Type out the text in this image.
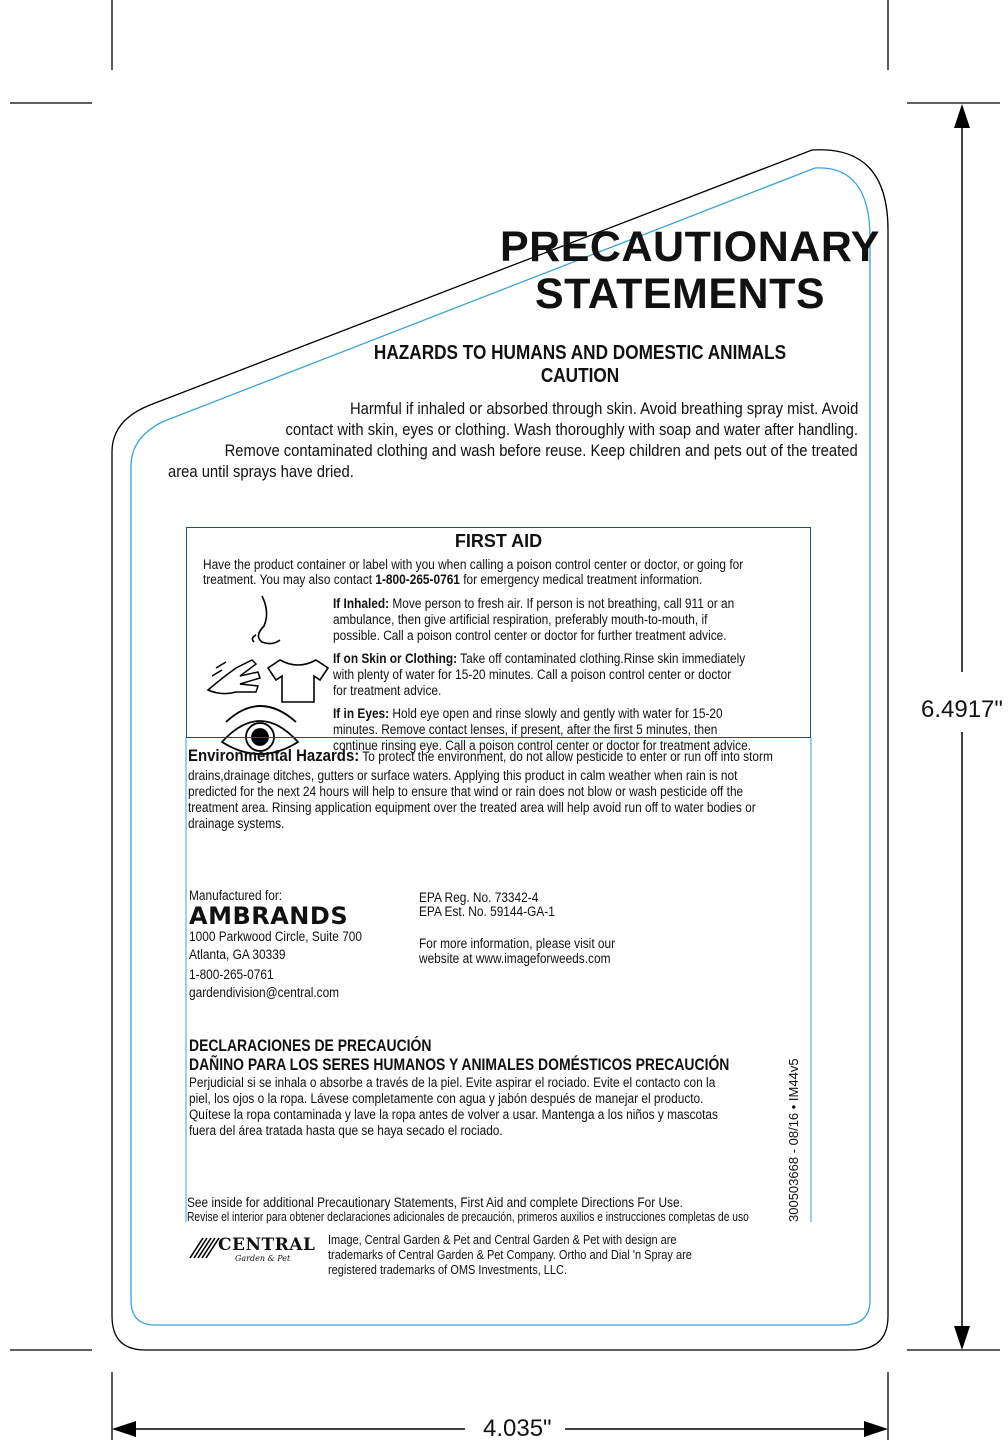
PRECAUTIONARY
STATEMENTS
HAZARDS TO HUMANS AND DOMESTIC ANIMALS
CAUTION
Harmful if inhaled or absorbed through skin. Avoid breathing spray mist. Avoid
contact with skin, eyes or clothing. Wash thoroughly with soap and water after handling.
Remove contaminated clothing and wash before reuse. Keep children and pets out of the treated
area until sprays have dried.
FIRST AID
Have the product container or label with you when calling a poison control center or doctor, or going for
treatment. You may also contact 1-800-265-0761 for emergency medical treatment information.
If Inhaled: Move person to fresh air. If person is not breathing, call 911 or an
ambulance, then give artificial respiration, preferably mouth-to-mouth, if
possible. Call a poison control center or doctor for further treatment advice.
If on Skin or Clothing: Take off contaminated clothing.Rinse skin immediately
with plenty of water for 15-20 minutes. Call a poison control center or doctor
for treatment advice.
If in Eyes: Hold eye open and rinse slowly and gently with water for 15-20
minutes. Remove contact lenses, if present, after the first 5 minutes, then
continue rinsing eye. Call a poison control center or doctor for treatment advice.
Environmental Hazards: To protect the environment, do not allow pesticide to enter or run off into storm
drains,drainage ditches, gutters or surface waters. Applying this product in calm weather when rain is not
predicted for the next 24 hours will help to ensure that wind or rain does not blow or wash pesticide off the
treatment area. Rinsing application equipment over the treated area will help avoid run off to water bodies or
drainage systems.
Manufactured for:
AMBRANDS
1000 Parkwood Circle, Suite 700
Atlanta, GA 30339
1-800-265-0761
gardendivision@central.com
EPA Reg. No. 73342-4
EPA Est. No. 59144-GA-1
For more information, please visit our
website at www.imageforweeds.com
DECLARACIONES DE PRECAUCIÓN
DAÑINO PARA LOS SERES HUMANOS Y ANIMALES DOMÉSTICOS PRECAUCIÓN
Perjudicial si se inhala o absorbe a través de la piel. Evite aspirar el rociado. Evite el contacto con la
piel, los ojos o la ropa. Lávese completamente con agua y jabón después de manejar el producto.
Quítese la ropa contaminada y lave la ropa antes de volver a usar. Mantenga a los niños y mascotas
fuera del área tratada hasta que se haya secado el rociado.
See inside for additional Precautionary Statements, First Aid and complete Directions For Use.
Revise el interior para obtener declaraciones adicionales de precaución, primeros auxilios e instrucciones completas de uso
CENTRAL
Garden & Pet
Image, Central Garden & Pet and Central Garden & Pet with design are
trademarks of Central Garden & Pet Company. Ortho and Dial 'n Spray are
registered trademarks of OMS Investments, LLC.
300503668 - 08/16 • IM44v5
6.4917"
4.035"
